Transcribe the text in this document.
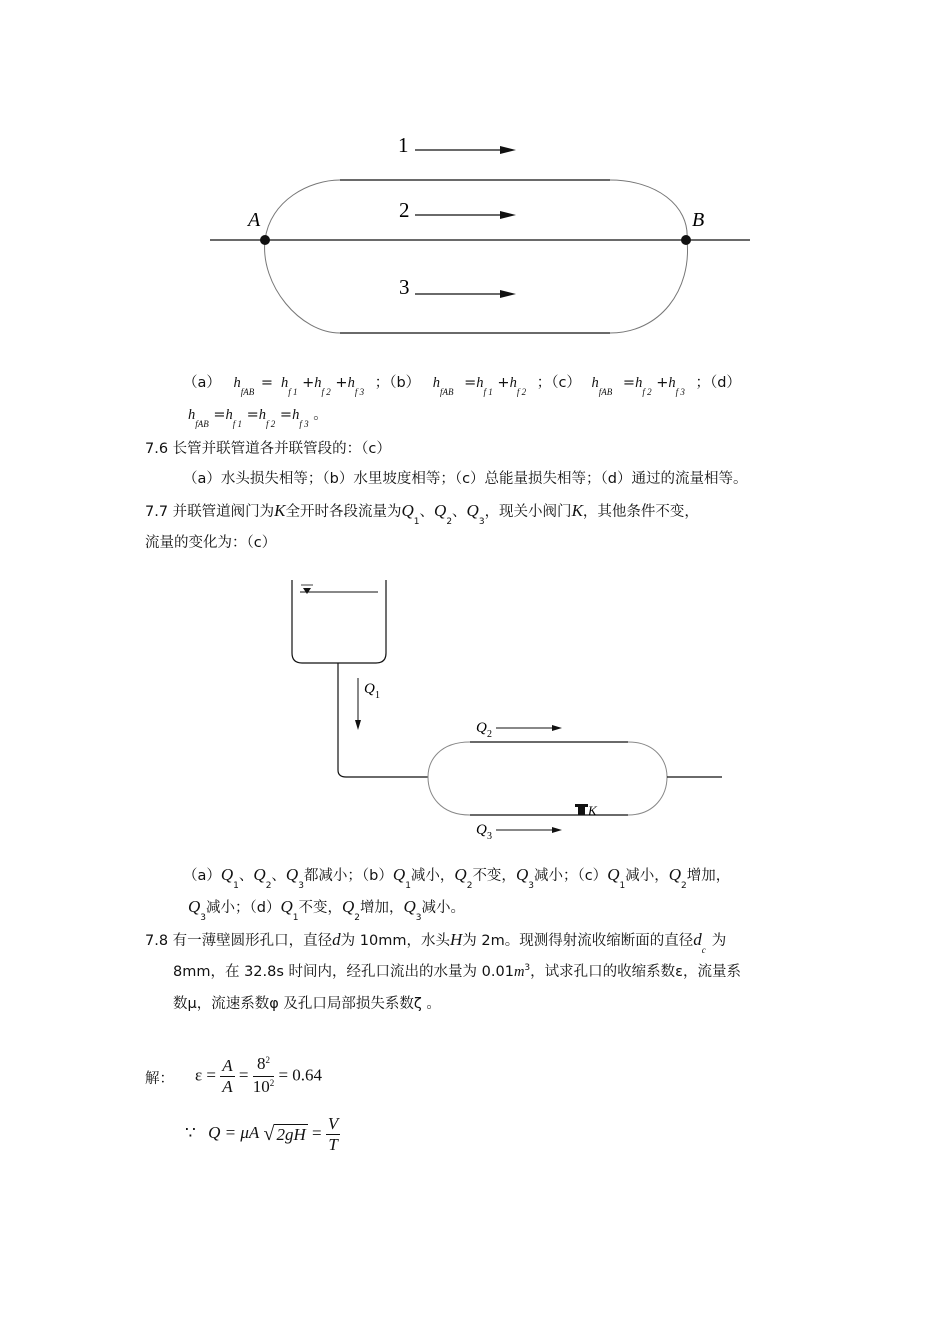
A	B
1
2
3
（a） $h_{fAB} = h_{f 1} +h_{f 2} +h_{f 3}$ ；（b） $h_{fAB} =h_{f 1} +h_{f 2}$ ；（c） $h_{fAB} =h_{f 2} +h_{f 3}$ ；（d）
$h_{fAB} =h_{f 1} =h_{f 2} =h_{f 3}$ 。
7.6 长管并联管道各并联管段的：（c）
（a）水头损失相等；（b）水里坡度相等；（c）总能量损失相等；（d）通过的流量相等。
7.7 并联管道阀门为K全开时各段流量为$Q_1$、$Q_2$、$Q_3$，现关小阀门K，其他条件不变，
流量的变化为：（c）
Q 1
K
Q 2
Q 3
$(a)Q_1$、$Q_2$、$Q_3$都减小；$(b)Q_1$减小，$Q_2$不变，$Q_3$减小；$(c)Q_1$减小，$Q_2$增加，
$Q_3$减小；$(d)Q_1$不变，$Q_2$增加，$Q_3$减小。
7.8 有一薄壁圆形孔口，直径d为 10mm，水头H为 2m。现测得射流收缩断面的直径$d_c$为
8mm，在 32.8s 时间内，经孔口流出的水量为 $0.01m^3$，试求孔口的收缩系数ε，流量系
数μ，流速系数φ 及孔口局部损失系数ζ 。
解： $\varepsilon = \frac{A}{A} = \frac{8^2}{10^2} = 0.64$
∵ Q = μA √ $2gH = \frac{V}{T}$
